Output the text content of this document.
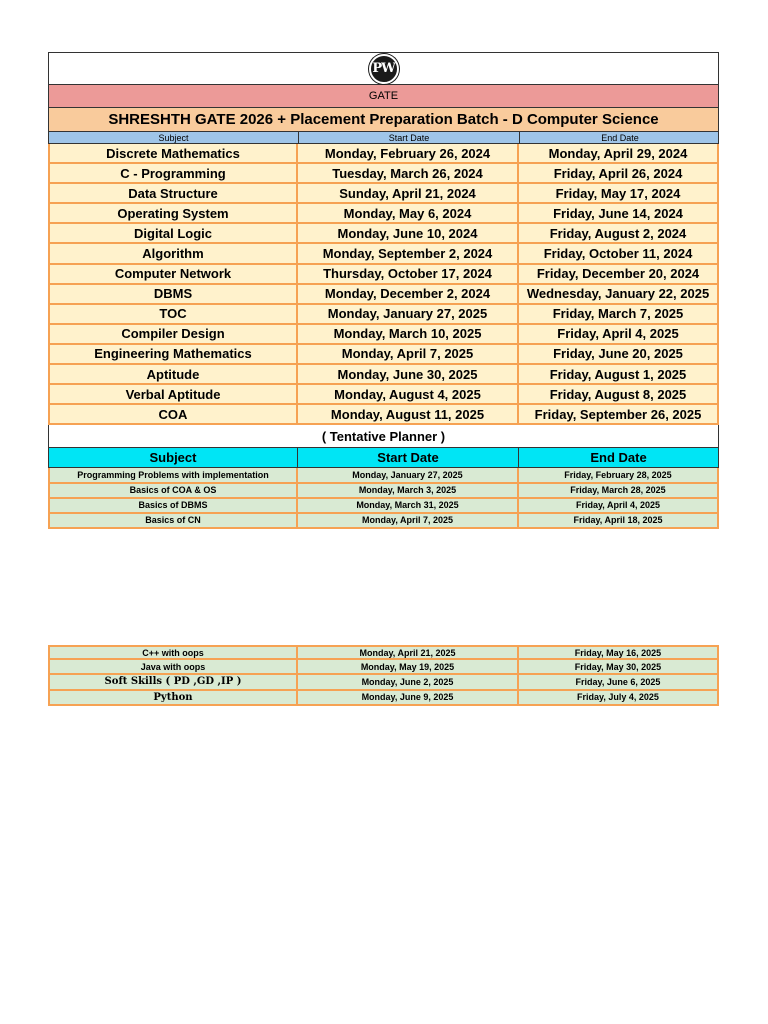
PW
GATE
SHRESHTH GATE 2026 + Placement Preparation Batch - D Computer Science
Subject	Start Date	End Date
Discrete Mathematics	Monday, February 26, 2024	Monday, April 29, 2024
C - Programming	Tuesday, March 26, 2024	Friday, April 26, 2024
Data Structure	Sunday, April 21, 2024	Friday, May 17, 2024
Operating System	Monday, May 6, 2024	Friday, June 14, 2024
Digital Logic	Monday, June 10, 2024	Friday, August 2, 2024
Algorithm	Monday, September 2, 2024	Friday, October 11, 2024
Computer Network	Thursday, October 17, 2024	Friday, December 20, 2024
DBMS	Monday, December 2, 2024	Wednesday, January 22, 2025
TOC	Monday, January 27, 2025	Friday, March 7, 2025
Compiler Design	Monday, March 10, 2025	Friday, April 4, 2025
Engineering Mathematics	Monday, April 7, 2025	Friday, June 20, 2025
Aptitude	Monday, June 30, 2025	Friday, August 1, 2025
Verbal Aptitude	Monday, August 4, 2025	Friday, August 8, 2025
COA	Monday, August 11, 2025	Friday, September 26, 2025
( Tentative Planner )
Subject	Start Date	End Date
Programming Problems with implementation	Monday, January 27, 2025	Friday, February 28, 2025
Basics of COA & OS	Monday, March 3, 2025	Friday, March 28, 2025
Basics of DBMS	Monday, March 31, 2025	Friday, April 4, 2025
Basics of CN	Monday, April 7, 2025	Friday, April 18, 2025
C++ with oops	Monday, April 21, 2025	Friday, May 16, 2025
Java with oops	Monday, May 19, 2025	Friday, May 30, 2025
Soft Skills ( PD ,GD ,IP )	Monday, June 2, 2025	Friday, June 6, 2025
Python	Monday, June 9, 2025	Friday, July 4, 2025
